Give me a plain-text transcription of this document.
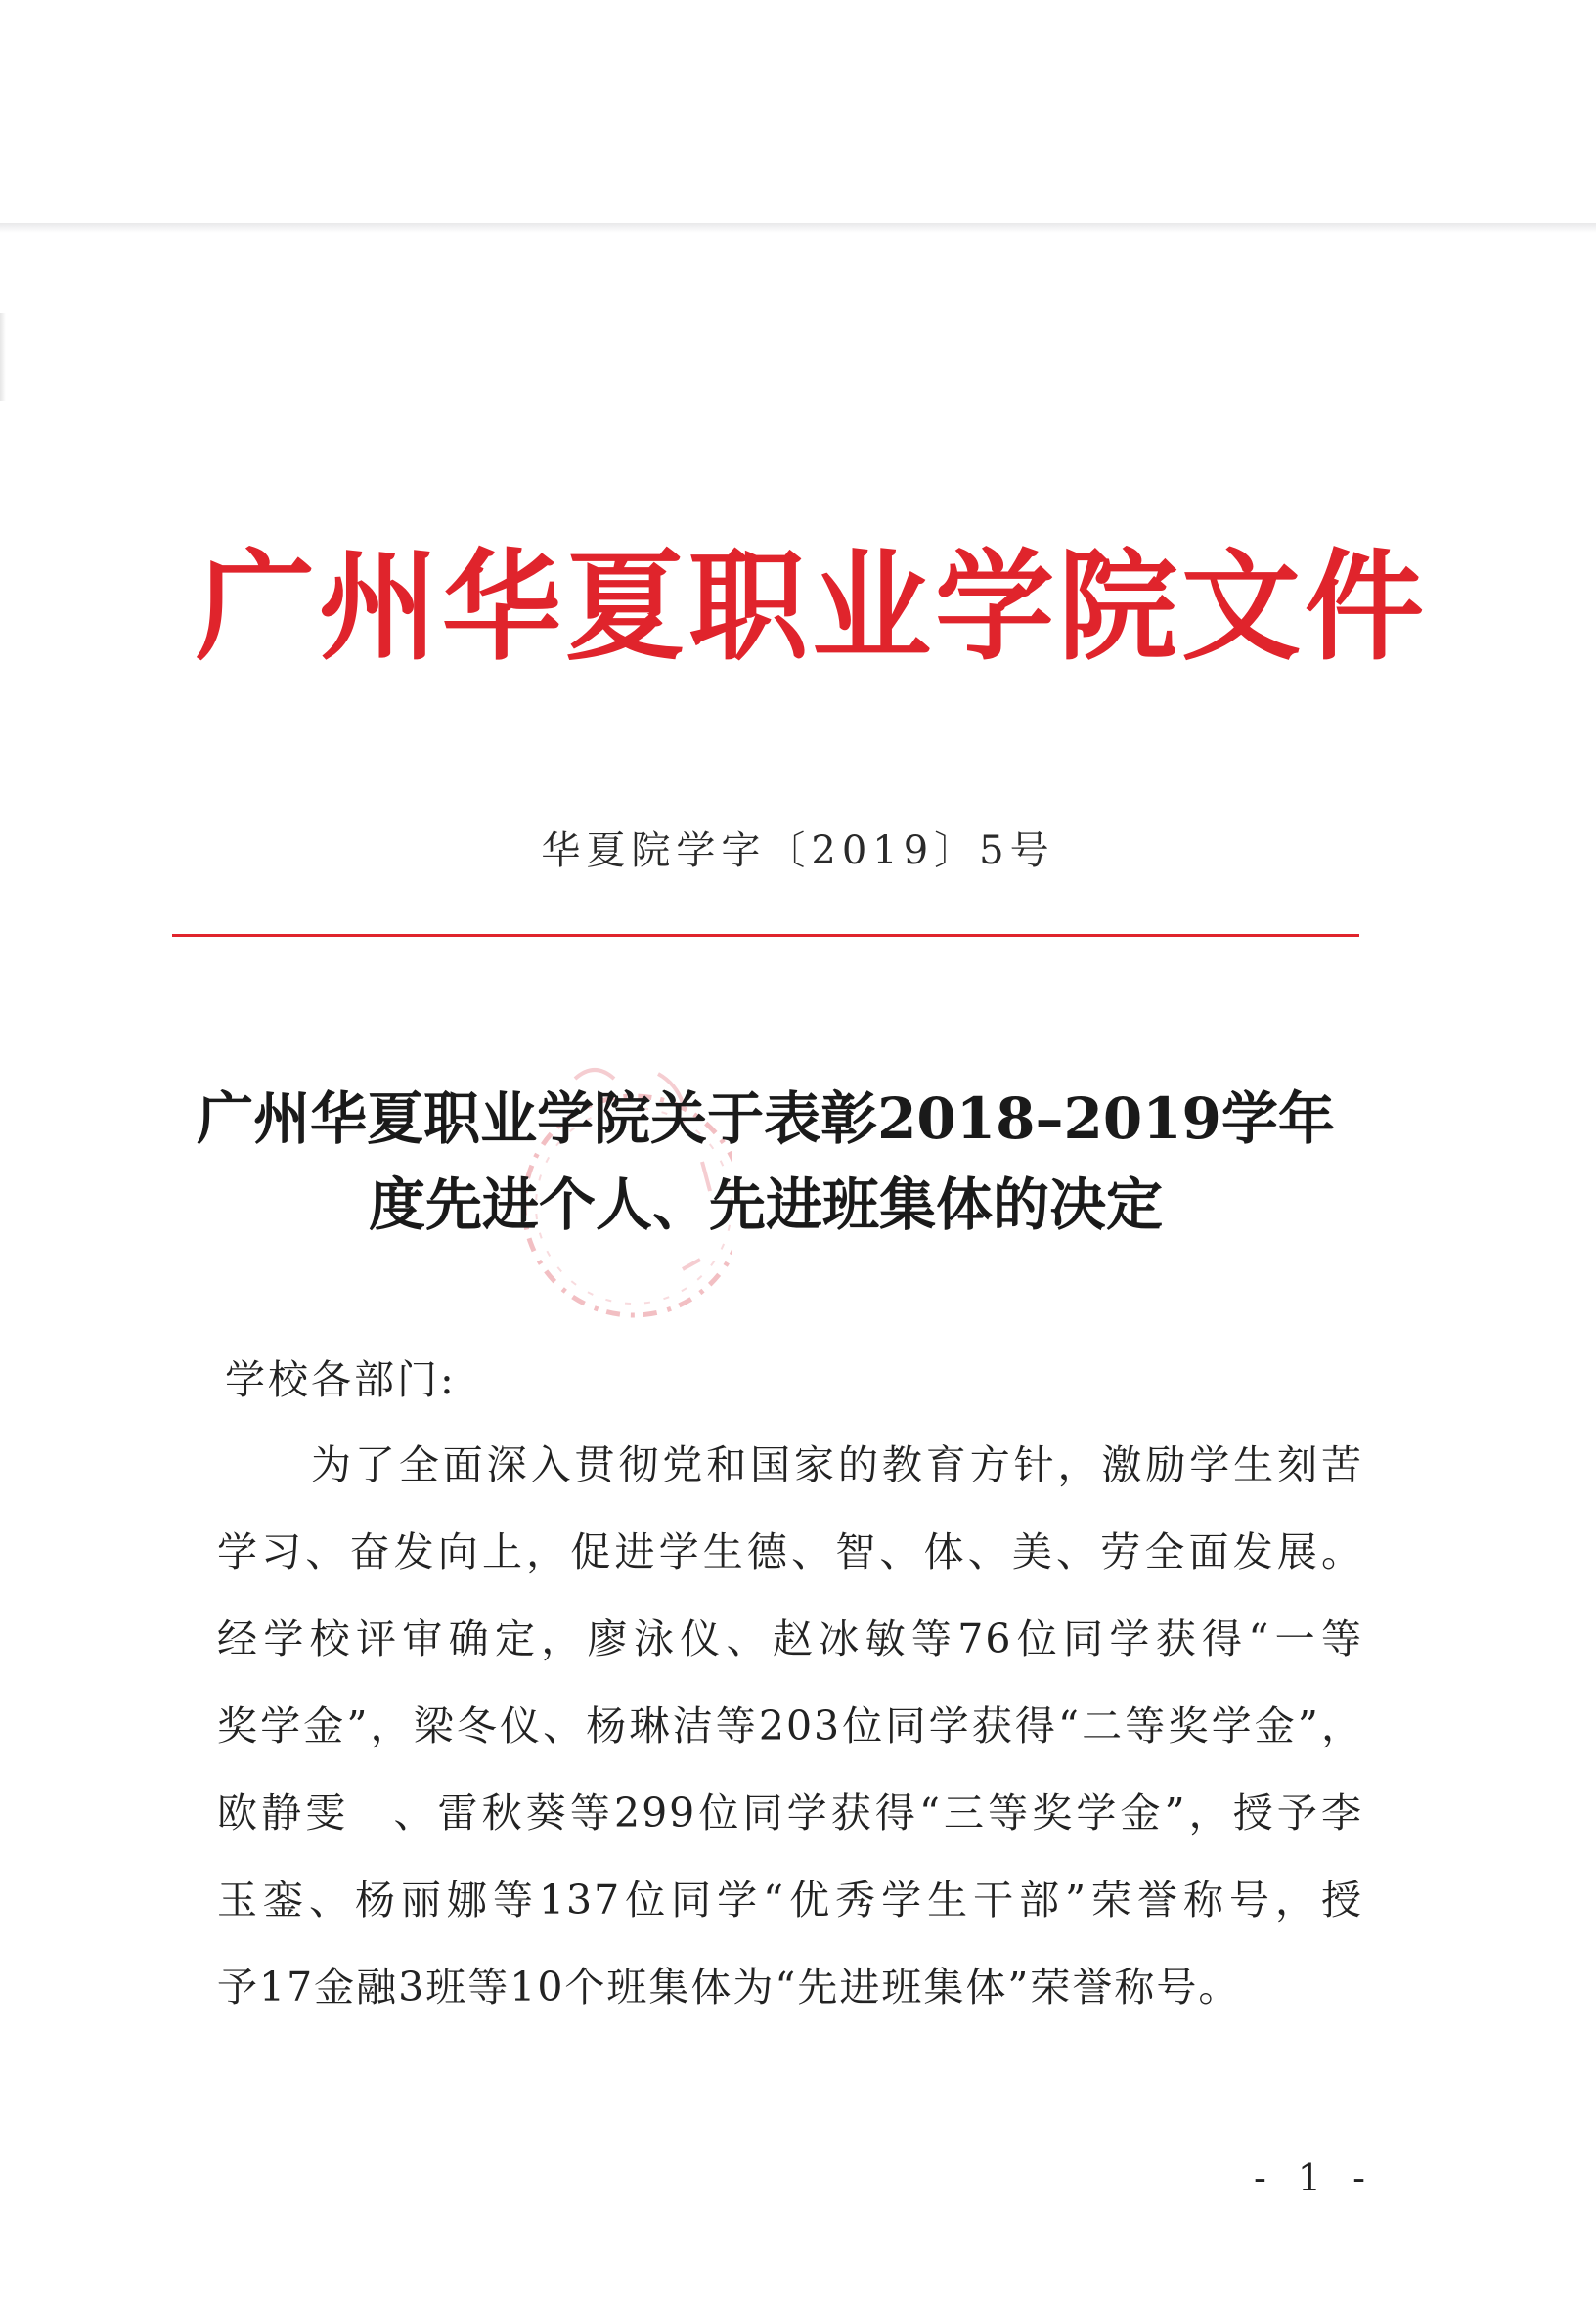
广州华夏职业学院文件
华夏院学字〔2019〕5号
广州华夏职业学院关于表彰2018–2019学年
度先进个人、先进班集体的决定
学校各部门:
为了全面深入贯彻党和国家的教育方针，激励学生刻苦
学习、奋发向上，促进学生德、智、体、美、劳全面发展。
经学校评审确定，廖泳仪、赵冰敏等76位同学获得“一等
奖学金”，梁冬仪、杨琳洁等203位同学获得“二等奖学金”，
欧静雯　、雷秋葵等299位同学获得“三等奖学金”，授予李
玉銮、杨丽娜等137位同学“优秀学生干部”荣誉称号，授
予17金融3班等10个班集体为“先进班集体”荣誉称号。
- 1 -
